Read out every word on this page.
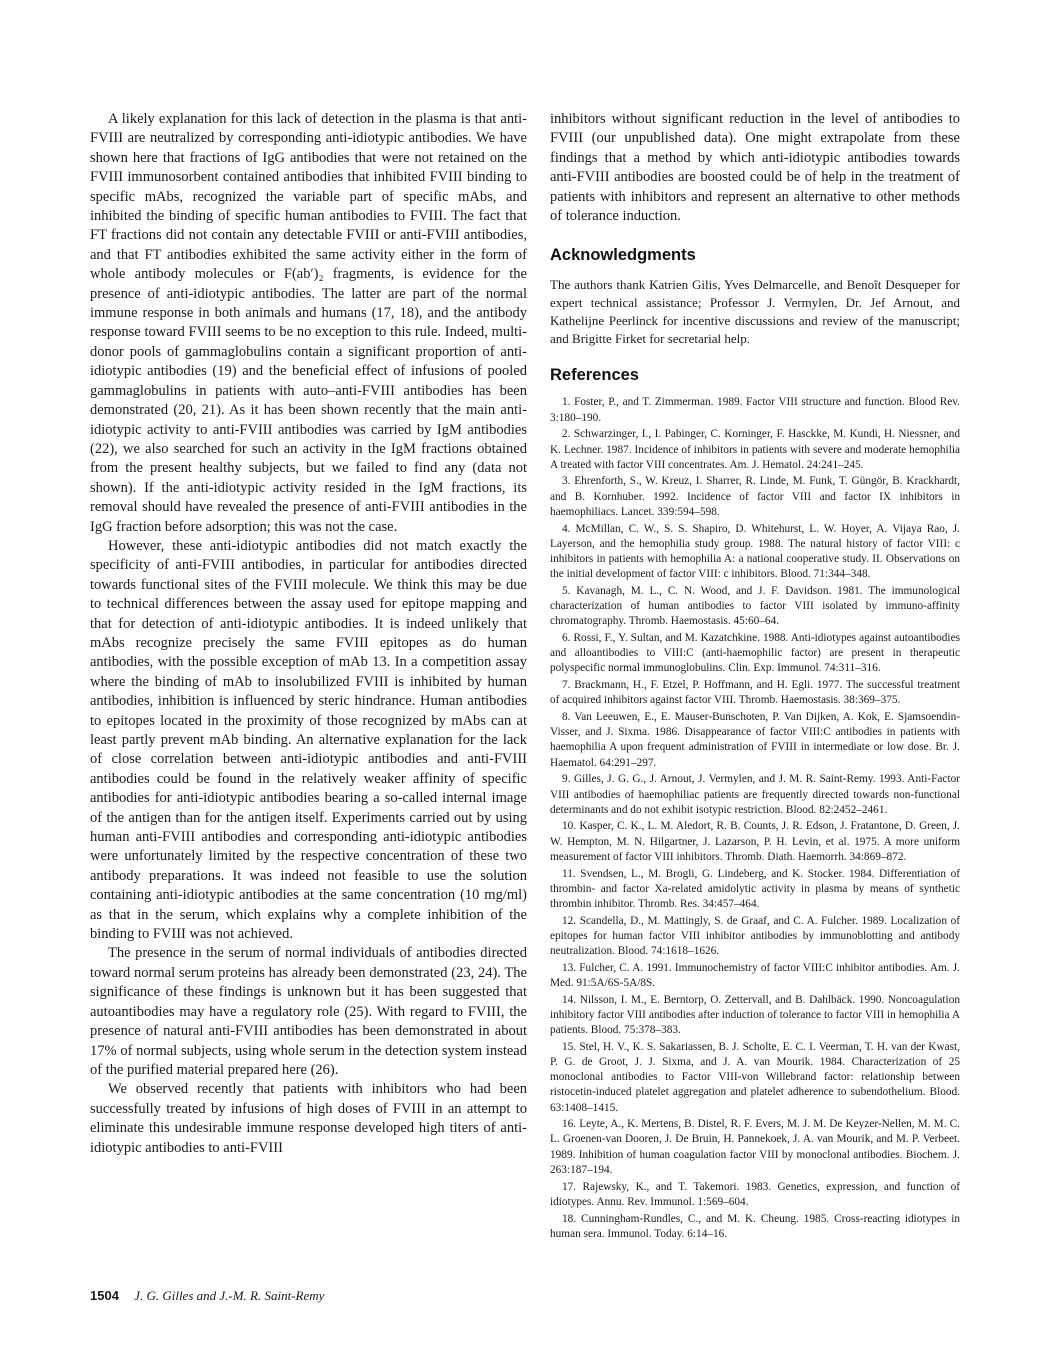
A likely explanation for this lack of detection in the plasma is that anti-FVIII are neutralized by corresponding anti-idiotypic antibodies. We have shown here that fractions of IgG antibodies that were not retained on the FVIII immunosorbent contained antibodies that inhibited FVIII binding to specific mAbs, recognized the variable part of specific mAbs, and inhibited the binding of specific human antibodies to FVIII. The fact that FT fractions did not contain any detectable FVIII or anti-FVIII antibodies, and that FT antibodies exhibited the same activity either in the form of whole antibody molecules or F(ab′)₂ fragments, is evidence for the presence of anti-idiotypic antibodies. The latter are part of the normal immune response in both animals and humans (17, 18), and the antibody response toward FVIII seems to be no exception to this rule. Indeed, multi-donor pools of gammaglobulins contain a significant proportion of anti-idiotypic antibodies (19) and the beneficial effect of infusions of pooled gammaglobulins in patients with auto–anti-FVIII antibodies has been demonstrated (20, 21). As it has been shown recently that the main anti-idiotypic activity to anti-FVIII antibodies was carried by IgM antibodies (22), we also searched for such an activity in the IgM fractions obtained from the present healthy subjects, but we failed to find any (data not shown). If the anti-idiotypic activity resided in the IgM fractions, its removal should have revealed the presence of anti-FVIII antibodies in the IgG fraction before adsorption; this was not the case.

However, these anti-idiotypic antibodies did not match exactly the specificity of anti-FVIII antibodies, in particular for antibodies directed towards functional sites of the FVIII molecule. We think this may be due to technical differences between the assay used for epitope mapping and that for detection of anti-idiotypic antibodies. It is indeed unlikely that mAbs recognize precisely the same FVIII epitopes as do human antibodies, with the possible exception of mAb 13. In a competition assay where the binding of mAb to insolubilized FVIII is inhibited by human antibodies, inhibition is influenced by steric hindrance. Human antibodies to epitopes located in the proximity of those recognized by mAbs can at least partly prevent mAb binding. An alternative explanation for the lack of close correlation between anti-idiotypic antibodies and anti-FVIII antibodies could be found in the relatively weaker affinity of specific antibodies for anti-idiotypic antibodies bearing a so-called internal image of the antigen than for the antigen itself. Experiments carried out by using human anti-FVIII antibodies and corresponding anti-idiotypic antibodies were unfortunately limited by the respective concentration of these two antibody preparations. It was indeed not feasible to use the solution containing anti-idiotypic antibodies at the same concentration (10 mg/ml) as that in the serum, which explains why a complete inhibition of the binding to FVIII was not achieved.

The presence in the serum of normal individuals of antibodies directed toward normal serum proteins has already been demonstrated (23, 24). The significance of these findings is unknown but it has been suggested that autoantibodies may have a regulatory role (25). With regard to FVIII, the presence of natural anti-FVIII antibodies has been demonstrated in about 17% of normal subjects, using whole serum in the detection system instead of the purified material prepared here (26).

We observed recently that patients with inhibitors who had been successfully treated by infusions of high doses of FVIII in an attempt to eliminate this undesirable immune response developed high titers of anti-idiotypic antibodies to anti-FVIII

inhibitors without significant reduction in the level of antibodies to FVIII (our unpublished data). One might extrapolate from these findings that a method by which anti-idiotypic antibodies towards anti-FVIII antibodies are boosted could be of help in the treatment of patients with inhibitors and represent an alternative to other methods of tolerance induction.

Acknowledgments

The authors thank Katrien Gilis, Yves Delmarcelle, and Benoît Desqueper for expert technical assistance; Professor J. Vermylen, Dr. Jef Arnout, and Kathelijne Peerlinck for incentive discussions and review of the manuscript; and Brigitte Firket for secretarial help.

References
1. Foster, P., and T. Zimmerman. 1989. Factor VIII structure and function. Blood Rev. 3:180–190.
2. Schwarzinger, I., I. Pabinger, C. Korninger, F. Hasckke, M. Kundi, H. Niessner, and K. Lechner. 1987. Incidence of inhibitors in patients with severe and moderate hemophilia A treated with factor VIII concentrates. Am. J. Hematol. 24:241–245.
3. Ehrenforth, S., W. Kreuz, I. Sharrer, R. Linde, M. Funk, T. Güngör, B. Krackhardt, and B. Kornhuber. 1992. Incidence of factor VIII and factor IX inhibitors in haemophiliacs. Lancet. 339:594–598.
4. McMillan, C. W., S. S. Shapiro, D. Whitehurst, L. W. Hoyer, A. Vijaya Rao, J. Layerson, and the hemophilia study group. 1988. The natural history of factor VIII: c inhibitors in patients with hemophilia A: a national cooperative study. II. Observations on the initial development of factor VIII: c inhibitors. Blood. 71:344–348.
5. Kavanagh, M. L., C. N. Wood, and J. F. Davidson. 1981. The immunological characterization of human antibodies to factor VIII isolated by immuno-affinity chromatography. Thromb. Haemostasis. 45:60–64.
6. Rossi, F., Y. Sultan, and M. Kazatchkine. 1988. Anti-idiotypes against autoantibodies and alloantibodies to VIII:C (anti-haemophilic factor) are present in therapeutic polyspecific normal immunoglobulins. Clin. Exp. Immunol. 74:311–316.
7. Brackmann, H., F. Etzel, P. Hoffmann, and H. Egli. 1977. The successful treatment of acquired inhibitors against factor VIII. Thromb. Haemostasis. 38:369–375.
8. Van Leeuwen, E., E. Mauser-Bunschoten, P. Van Dijken, A. Kok, E. Sjamsoendin-Visser, and J. Sixma. 1986. Disappearance of factor VIII:C antibodies in patients with haemophilia A upon frequent administration of FVIII in intermediate or low dose. Br. J. Haematol. 64:291–297.
9. Gilles, J. G. G., J. Arnout, J. Vermylen, and J. M. R. Saint-Remy. 1993. Anti-Factor VIII antibodies of haemophiliac patients are frequently directed towards non-functional determinants and do not exhibit isotypic restriction. Blood. 82:2452–2461.
10. Kasper, C. K., L. M. Aledort, R. B. Counts, J. R. Edson, J. Fratantone, D. Green, J. W. Hempton, M. N. Hilgartner, J. Lazarson, P. H. Levin, et al. 1975. A more uniform measurement of factor VIII inhibitors. Thromb. Diath. Haemorrh. 34:869–872.
11. Svendsen, L., M. Brogli, G. Lindeberg, and K. Stocker. 1984. Differentiation of thrombin- and factor Xa-related amidolytic activity in plasma by means of synthetic thrombin inhibitor. Thromb. Res. 34:457–464.
12. Scandella, D., M. Mattingly, S. de Graaf, and C. A. Fulcher. 1989. Localization of epitopes for human factor VIII inhibitor antibodies by immunoblotting and antibody neutralization. Blood. 74:1618–1626.
13. Fulcher, C. A. 1991. Immunochemistry of factor VIII:C inhibitor antibodies. Am. J. Med. 91:5A/6S-5A/8S.
14. Nilsson, I. M., E. Berntorp, O. Zettervall, and B. Dahlbäck. 1990. Noncoagulation inhibitory factor VIII antibodies after induction of tolerance to factor VIII in hemophilia A patients. Blood. 75:378–383.
15. Stel, H. V., K. S. Sakariassen, B. J. Scholte, E. C. I. Veerman, T. H. van der Kwast, P. G. de Groot, J. J. Sixma, and J. A. van Mourik. 1984. Characterization of 25 monoclonal antibodies to Factor VIII-von Willebrand factor: relationship between ristocetin-induced platelet aggregation and platelet adherence to subendothelium. Blood. 63:1408–1415.
16. Leyte, A., K. Mertens, B. Distel, R. F. Evers, M. J. M. De Keyzer-Nellen, M. M. C. L. Groenen-van Dooren, J. De Bruin, H. Pannekoek, J. A. van Mourik, and M. P. Verbeet. 1989. Inhibition of human coagulation factor VIII by monoclonal antibodies. Biochem. J. 263:187–194.
17. Rajewsky, K., and T. Takemori. 1983. Genetics, expression, and function of idiotypes. Annu. Rev. Immunol. 1:569–604.
18. Cunningham-Rundles, C., and M. K. Cheung. 1985. Cross-reacting idiotypes in human sera. Immunol. Today. 6:14–16.
1504 J. G. Gilles and J.-M. R. Saint-Remy
